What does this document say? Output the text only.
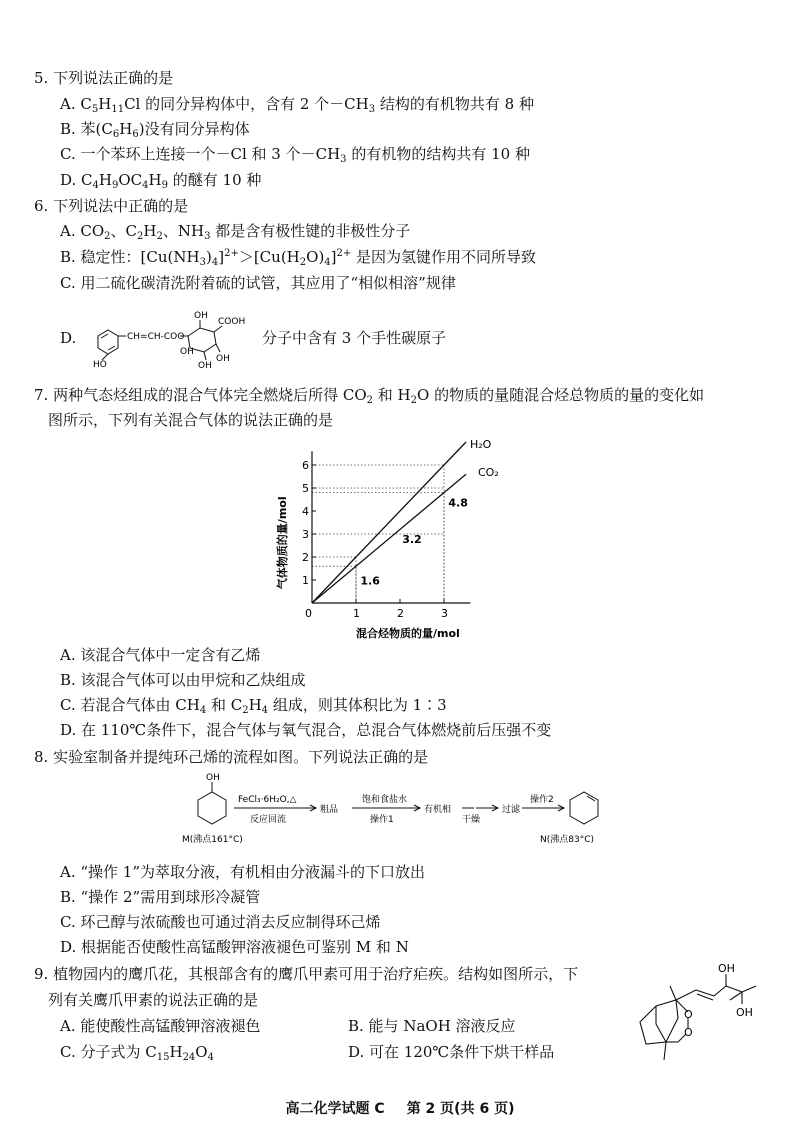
5. 下列说法正确的是
A. $C_5H_{11}Cl$ 的同分异构体中，含有 2 个$-CH_3$ 结构的有机物共有 8 种
B. 苯$(C_6H_6)$没有同分异构体
C. 一个苯环上连接一个－Cl 和 3 个$-CH_3$ 的有机物的结构共有 10 种
D. $C_4H_9OC_4H_9$ 的醚有 10 种
6. 下列说法中正确的是
A. $CO_2$、$C_2H_2$、$NH_3$ 都是含有极性键的非极性分子
B. 稳定性：$[Cu(NH_3)_4]^{2+}>[Cu(H_2O)_4]^{2+}$ 是因为氢键作用不同所导致
C. 用二硫化碳清洗附着硫的试管，其应用了“相似相溶”规律
D.
HO
CH=CH-COO
OH
COOH
OH
OH
OH
分子中含有 3 个手性碳原子
7. 两种气态烃组成的混合气体完全燃烧后所得 $CO_2$ 和 $H_2O$ 的物质的量随混合烃总物质的量的变化如
图所示，下列有关混合气体的说法正确的是
1
2
3
4
5
6
0	1	2	3
H₂O
CO₂
1.6
3.2
4.8
混合烃物质的量/mol
气体物质的量/mol
A. 该混合气体中一定含有乙烯
B. 该混合气体可以由甲烷和乙炔组成
C. 若混合气体由 $CH_4$ 和 $C_2H_4$ 组成，则其体积比为 1∶3
D. 在 110℃条件下，混合气体与氧气混合，总混合气体燃烧前后压强不变
8. 实验室制备并提纯环己烯的流程如图。下列说法正确的是
OH
FeCl₃·6H₂O,△
反应回流
粗品
饱和食盐水
操作1
有机相
干燥
过滤
操作2
M(沸点161°C)	N(沸点83°C)
A. “操作 1”为萃取分液，有机相由分液漏斗的下口放出
B. “操作 2”需用到球形冷凝管
C. 环己醇与浓硫酸也可通过消去反应制得环己烯
D. 根据能否使酸性高锰酸钾溶液褪色可鉴别 M 和 N
9. 植物园内的鹰爪花，其根部含有的鹰爪甲素可用于治疗疟疾。结构如图所示，下
列有关鹰爪甲素的说法正确的是
A. 能使酸性高锰酸钾溶液褪色	B. 能与 NaOH 溶液反应
C. 分子式为 $C_{15}H_{24}O_4$	D. 可在 120℃条件下烘干样品
OH
OH
O
O
高二化学试题 C 第 2 页(共 6 页)
